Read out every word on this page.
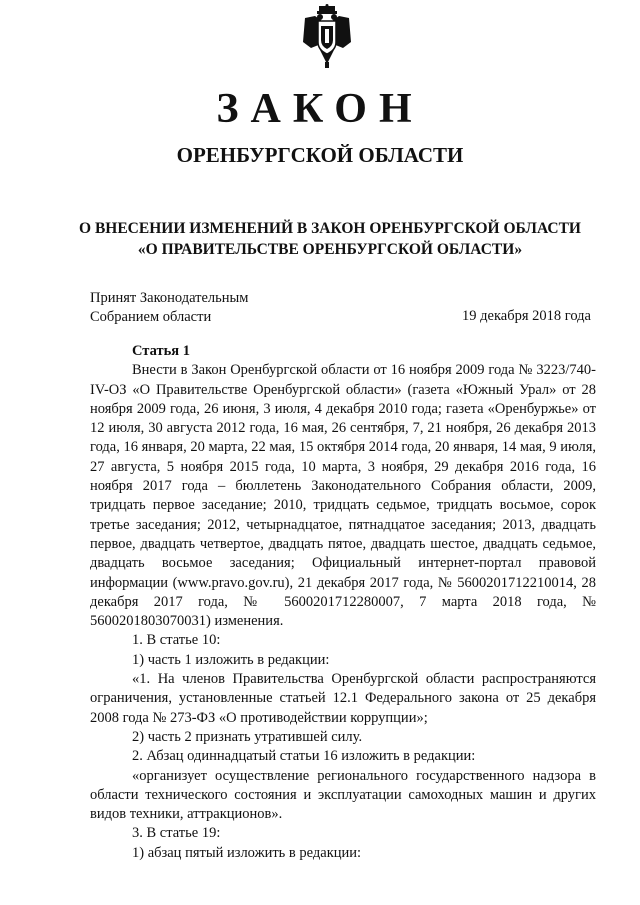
ЗАКОН
ОРЕНБУРГСКОЙ ОБЛАСТИ
О ВНЕСЕНИИ ИЗМЕНЕНИЙ В ЗАКОН ОРЕНБУРГСКОЙ ОБЛАСТИ
«О ПРАВИТЕЛЬСТВЕ ОРЕНБУРГСКОЙ ОБЛАСТИ»
Принят Законодательным
Собранием области	19 декабря 2018 года

Статья 1

Внести в Закон Оренбургской области от 16 ноября 2009 года № 3223/740-IV-ОЗ «О Правительстве Оренбургской области» (газета «Южный Урал» от 28 ноября 2009 года, 26 июня, 3 июля, 4 декабря 2010 года; газета «Оренбуржье» от 12 июля, 30 августа 2012 года, 16 мая, 26 сентября, 7, 21 ноября, 26 декабря 2013 года, 16 января, 20 марта, 22 мая, 15 октября 2014 года, 20 января, 14 мая, 9 июля, 27 августа, 5 ноября 2015 года, 10 марта, 3 ноября, 29 декабря 2016 года, 16 ноября 2017 года – бюллетень Законодательного Собрания области, 2009, тридцать первое заседание; 2010, тридцать седьмое, тридцать восьмое, сорок третье заседания; 2012, четырнадцатое, пятнадцатое заседания; 2013, двадцать первое, двадцать четвертое, двадцать пятое, двадцать шестое, двадцать седьмое, двадцать восьмое заседания; Официальный интернет-портал правовой информации (www.pravo.gov.ru), 21 декабря 2017 года, № 5600201712210014, 28 декабря 2017 года, № 5600201712280007, 7 марта 2018 года, № 5600201803070031) изменения.

1. В статье 10:

1) часть 1 изложить в редакции:

«1. На членов Правительства Оренбургской области распространяются ограничения, установленные статьей 12.1 Федерального закона от 25 декабря 2008 года № 273-ФЗ «О противодействии коррупции»;

2) часть 2 признать утратившей силу.

2. Абзац одиннадцатый статьи 16 изложить в редакции:

«организует осуществление регионального государственного надзора в области технического состояния и эксплуатации самоходных машин и других видов техники, аттракционов».

3. В статье 19:

1) абзац пятый изложить в редакции:
